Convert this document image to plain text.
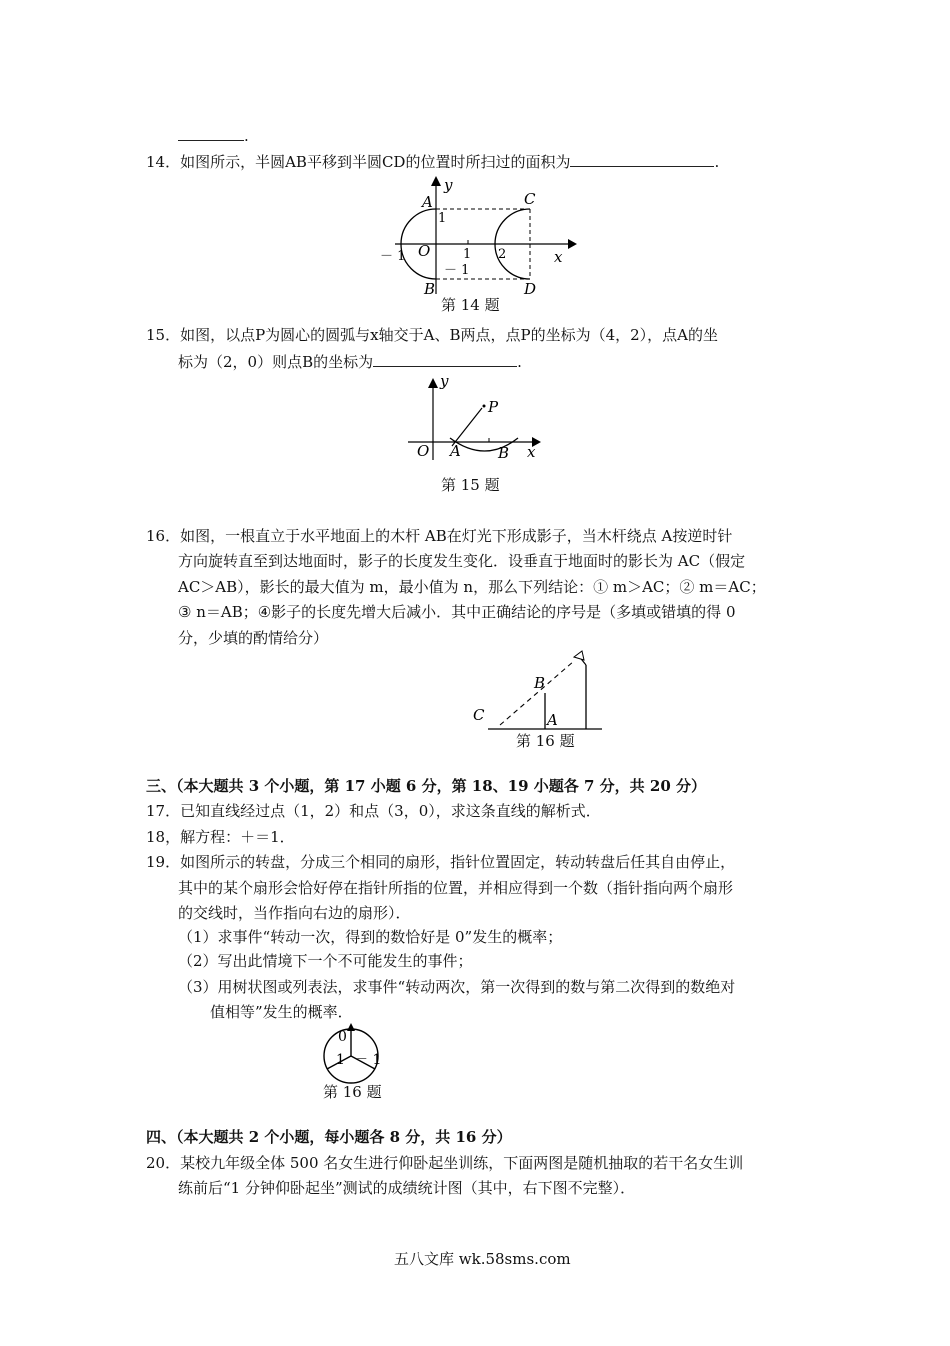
.
14．如图所示，半圆AB平移到半圆CD的位置时所扫过的面积为	.
y
A
1
C
－ 1 O	1 2	x
－ 1
B	D
第 14 题
15．如图，以点P为圆心的圆弧与x轴交于A、B两点，点P的坐标为（4，2），点A的坐
标为（2，0）则点B的坐标为	.
y
P
O A B x
第 15 题
16．如图，一根直立于水平地面上的木杆 AB在灯光下形成影子，当木杆绕点 A按逆时针
方向旋转直至到达地面时，影子的长度发生变化．设垂直于地面时的影长为 AC（假定
AC＞AB），影长的最大值为 m，最小值为 n，那么下列结论：① m＞AC；② m＝AC；
③ n＝AB；④影子的长度先增大后减小．其中正确结论的序号是（多填或错填的得 0
分，少填的酌情给分）
B
C	A
第 16 题
三、（本大题共 3 个小题，第 17 小题 6 分，第 18、19 小题各 7 分，共 20 分）
17．已知直线经过点（1，2）和点（3，0），求这条直线的解析式．
18，解方程：＋＝1．
19．如图所示的转盘，分成三个相同的扇形，指针位置固定，转动转盘后任其自由停止，
其中的某个扇形会恰好停在指针所指的位置，并相应得到一个数（指针指向两个扇形
的交线时，当作指向右边的扇形）．
（1）求事件“转动一次，得到的数恰好是 0”发生的概率；
（2）写出此情境下一个不可能发生的事件；
（3）用树状图或列表法，求事件“转动两次，第一次得到的数与第二次得到的数绝对
值相等”发生的概率．
0
1 － 1
第 16 题
四、（本大题共 2 个小题，每小题各 8 分，共 16 分）
20．某校九年级全体 500 名女生进行仰卧起坐训练，下面两图是随机抽取的若干名女生训
练前后“1 分钟仰卧起坐”测试的成绩统计图（其中，右下图不完整）．
五八文库 wk.58sms.com
